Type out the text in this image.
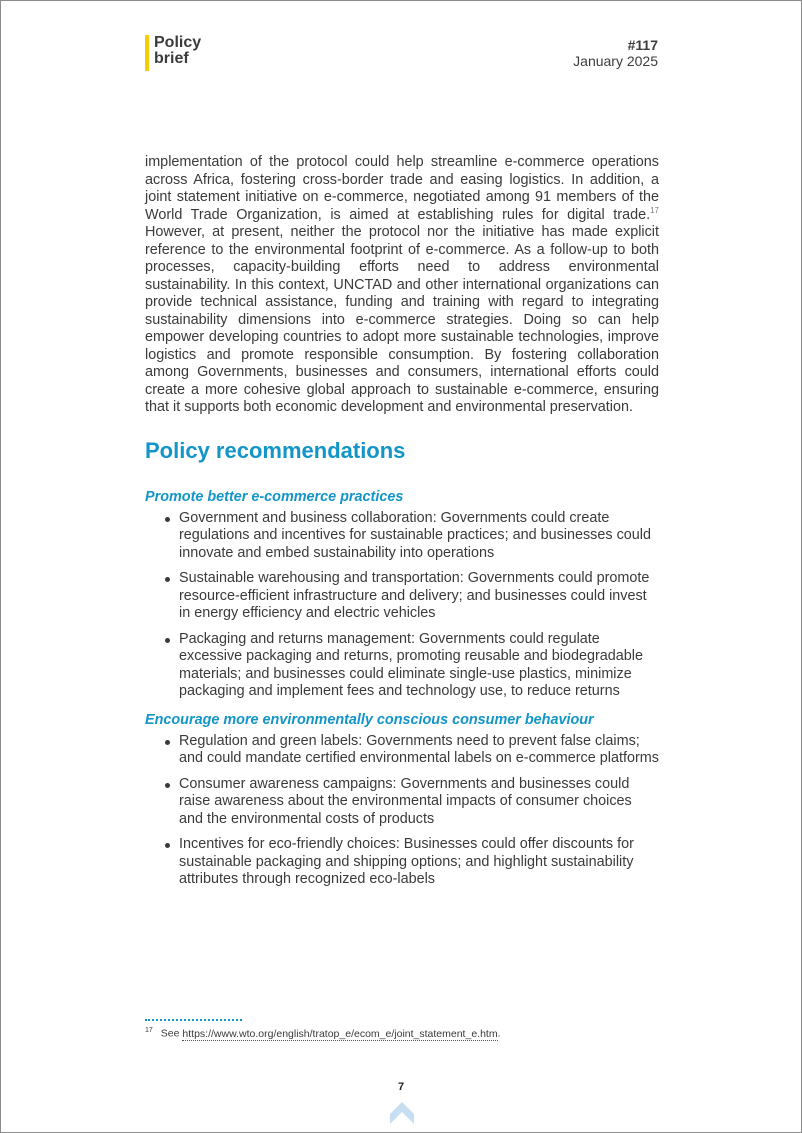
Policy
brief
#117
January 2025

implementation of the protocol could help streamline e-commerce operations across Africa, fostering cross-border trade and easing logistics. In addition, a joint statement initiative on e-commerce, negotiated among 91 members of the World Trade Organization, is aimed at establishing rules for digital trade.$^{17}$ However, at present, neither the protocol nor the initiative has made explicit reference to the environmental footprint of e-commerce. As a follow-up to both processes, capacity-building efforts need to address environmental sustainability. In this context, UNCTAD and other international organizations can provide technical assistance, funding and training with regard to integrating sustainability dimensions into e-commerce strategies. Doing so can help empower developing countries to adopt more sustainable technologies, improve logistics and promote responsible consumption. By fostering collaboration among Governments, businesses and consumers, international efforts could create a more cohesive global approach to sustainable e-commerce, ensuring that it supports both economic development and environmental preservation.

Policy recommendations
Promote better e-commerce practices
Government and business collaboration: Governments could create regulations and incentives for sustainable practices; and businesses could innovate and embed sustainability into operations
Sustainable warehousing and transportation: Governments could promote resource-efficient infrastructure and delivery; and businesses could invest in energy efficiency and electric vehicles
Packaging and returns management: Governments could regulate excessive packaging and returns, promoting reusable and biodegradable materials; and businesses could eliminate single-use plastics, minimize packaging and implement fees and technology use, to reduce returns
Encourage more environmentally conscious consumer behaviour
Regulation and green labels: Governments need to prevent false claims; and could mandate certified environmental labels on e-commerce platforms
Consumer awareness campaigns: Governments and businesses could raise awareness about the environmental impacts of consumer choices and the environmental costs of products
Incentives for eco-friendly choices: Businesses could offer discounts for sustainable packaging and shipping options; and highlight sustainability attributes through recognized eco-labels
$^{17}$ See https://www.wto.org/english/tratop_e/ecom_e/joint_statement_e.htm.
7
